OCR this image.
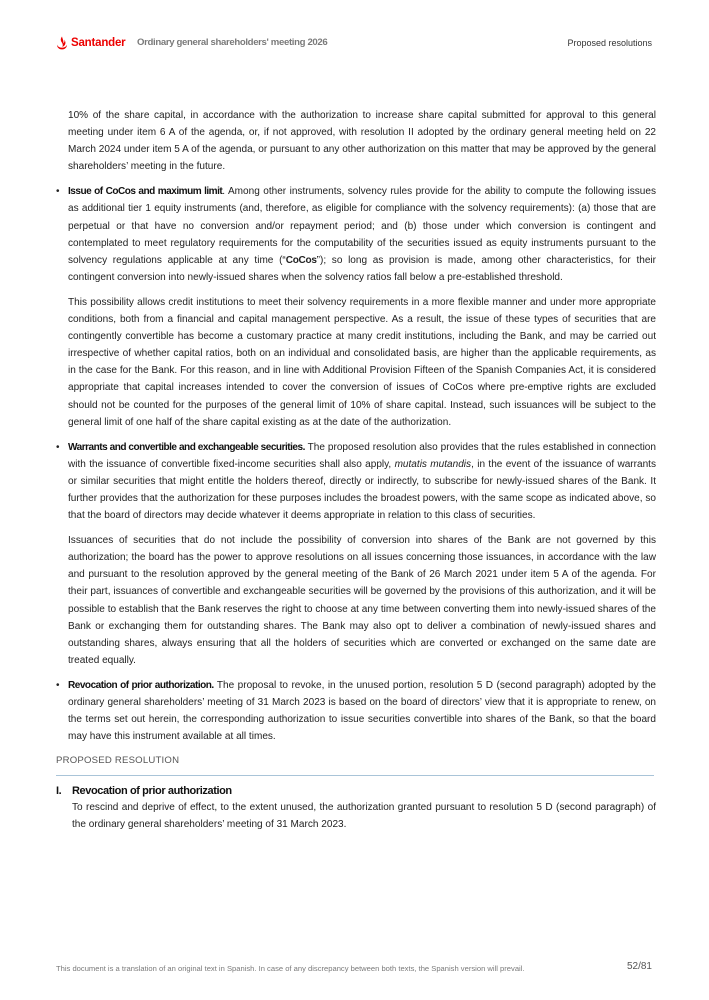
Santander Ordinary general shareholders' meeting 2026	Proposed resolutions

10% of the share capital, in accordance with the authorization to increase share capital submitted for approval to this general meeting under item 6 A of the agenda, or, if not approved, with resolution II adopted by the ordinary general meeting held on 22 March 2024 under item 5 A of the agenda, or pursuant to any other authorization on this matter that may be approved by the general shareholders’ meeting in the future.

• Issue of CoCos and maximum limit. Among other instruments, solvency rules provide for the ability to compute the following issues as additional tier 1 equity instruments (and, therefore, as eligible for compliance with the solvency requirements): (a) those that are perpetual or that have no conversion and/or repayment period; and (b) those under which conversion is contingent and contemplated to meet regulatory requirements for the computability of the securities issued as equity instruments pursuant to the solvency regulations applicable at any time (“CoCos”); so long as provision is made, among other characteristics, for their contingent conversion into newly-issued shares when the solvency ratios fall below a pre-established threshold.

This possibility allows credit institutions to meet their solvency requirements in a more flexible manner and under more appropriate conditions, both from a financial and capital management perspective. As a result, the issue of these types of securities that are contingently convertible has become a customary practice at many credit institutions, including the Bank, and may be carried out irrespective of whether capital ratios, both on an individual and consolidated basis, are higher than the applicable requirements, as in the case for the Bank. For this reason, and in line with Additional Provision Fifteen of the Spanish Companies Act, it is considered appropriate that capital increases intended to cover the conversion of issues of CoCos where pre-emptive rights are excluded should not be counted for the purposes of the general limit of 10% of share capital. Instead, such issuances will be subject to the general limit of one half of the share capital existing as at the date of the authorization.

• Warrants and convertible and exchangeable securities. The proposed resolution also provides that the rules established in connection with the issuance of convertible fixed-income securities shall also apply, mutatis mutandis, in the event of the issuance of warrants or similar securities that might entitle the holders thereof, directly or indirectly, to subscribe for newly-issued shares of the Bank. It further provides that the authorization for these purposes includes the broadest powers, with the same scope as indicated above, so that the board of directors may decide whatever it deems appropriate in relation to this class of securities.

Issuances of securities that do not include the possibility of conversion into shares of the Bank are not governed by this authorization; the board has the power to approve resolutions on all issues concerning those issuances, in accordance with the law and pursuant to the resolution approved by the general meeting of the Bank of 26 March 2021 under item 5 A of the agenda. For their part, issuances of convertible and exchangeable securities will be governed by the provisions of this authorization, and it will be possible to establish that the Bank reserves the right to choose at any time between converting them into newly-issued shares of the Bank or exchanging them for outstanding shares. The Bank may also opt to deliver a combination of newly-issued shares and outstanding shares, always ensuring that all the holders of securities which are converted or exchanged on the same date are treated equally.

• Revocation of prior authorization. The proposal to revoke, in the unused portion, resolution 5 D (second paragraph) adopted by the ordinary general shareholders’ meeting of 31 March 2023 is based on the board of directors’ view that it is appropriate to renew, on the terms set out herein, the corresponding authorization to issue securities convertible into shares of the Bank, so that the board may have this instrument available at all times.
PROPOSED RESOLUTION
I. Revocation of prior authorization

To rescind and deprive of effect, to the extent unused, the authorization granted pursuant to resolution 5 D (second paragraph) of the ordinary general shareholders’ meeting of 31 March 2023.

This document is a translation of an original text in Spanish. In case of any discrepancy between both texts, the Spanish version will prevail.	52/81
